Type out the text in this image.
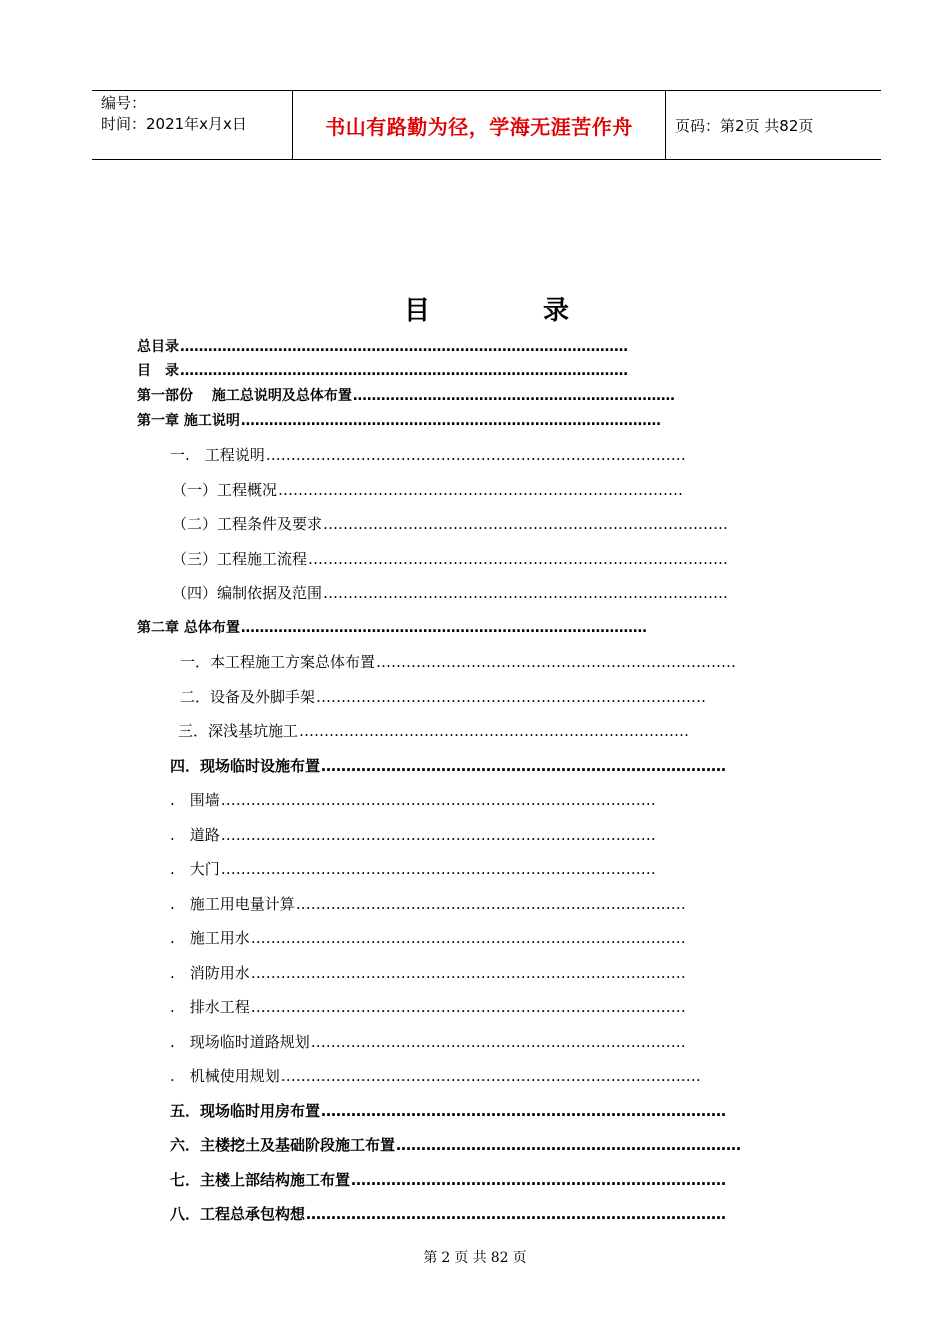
编号：
时间：2021年x月x日	书山有路勤为径，学海无涯苦作舟	页码：第2页 共82页
目	录
总目录 ……………………………………………………………………………………
目　录 ……………………………………………………………………………………
第一部份　 施工总说明及总体布置 ……………………………………………………………
第一章 施工说明 ………………………………………………………………………………
一.　工程说明 …………………………………………………………………………
（一）工程概况 ………………………………………………………………………
（二）工程条件及要求 ………………………………………………………………………
（三）工程施工流程 …………………………………………………………………………
（四）编制依据及范围 ………………………………………………………………………
第二章 总体布置 ……………………………………………………………………………
一．本工程施工方案总体布置 ………………………………………………………………
二．设备及外脚手架 ……………………………………………………………………
三．深浅基坑施工 ……………………………………………………………………
四．现场临时设施布置 ………………………………………………………………………
.　围墙 ……………………………………………………………………………
.　道路 ……………………………………………………………………………
.　大门 ……………………………………………………………………………
.　施工用电量计算 ……………………………………………………………………
.　施工用水 ……………………………………………………………………………
.　消防用水 ……………………………………………………………………………
.　排水工程 ……………………………………………………………………………
.　现场临时道路规划 …………………………………………………………………
.　机械使用规划 …………………………………………………………………………
五．现场临时用房布置 ………………………………………………………………………
六．主楼挖土及基础阶段施工布置 ……………………………………………………………
七．主楼上部结构施工布置 …………………………………………………………………
八．工程总承包构想 …………………………………………………………………………
第 2 页 共 82 页
